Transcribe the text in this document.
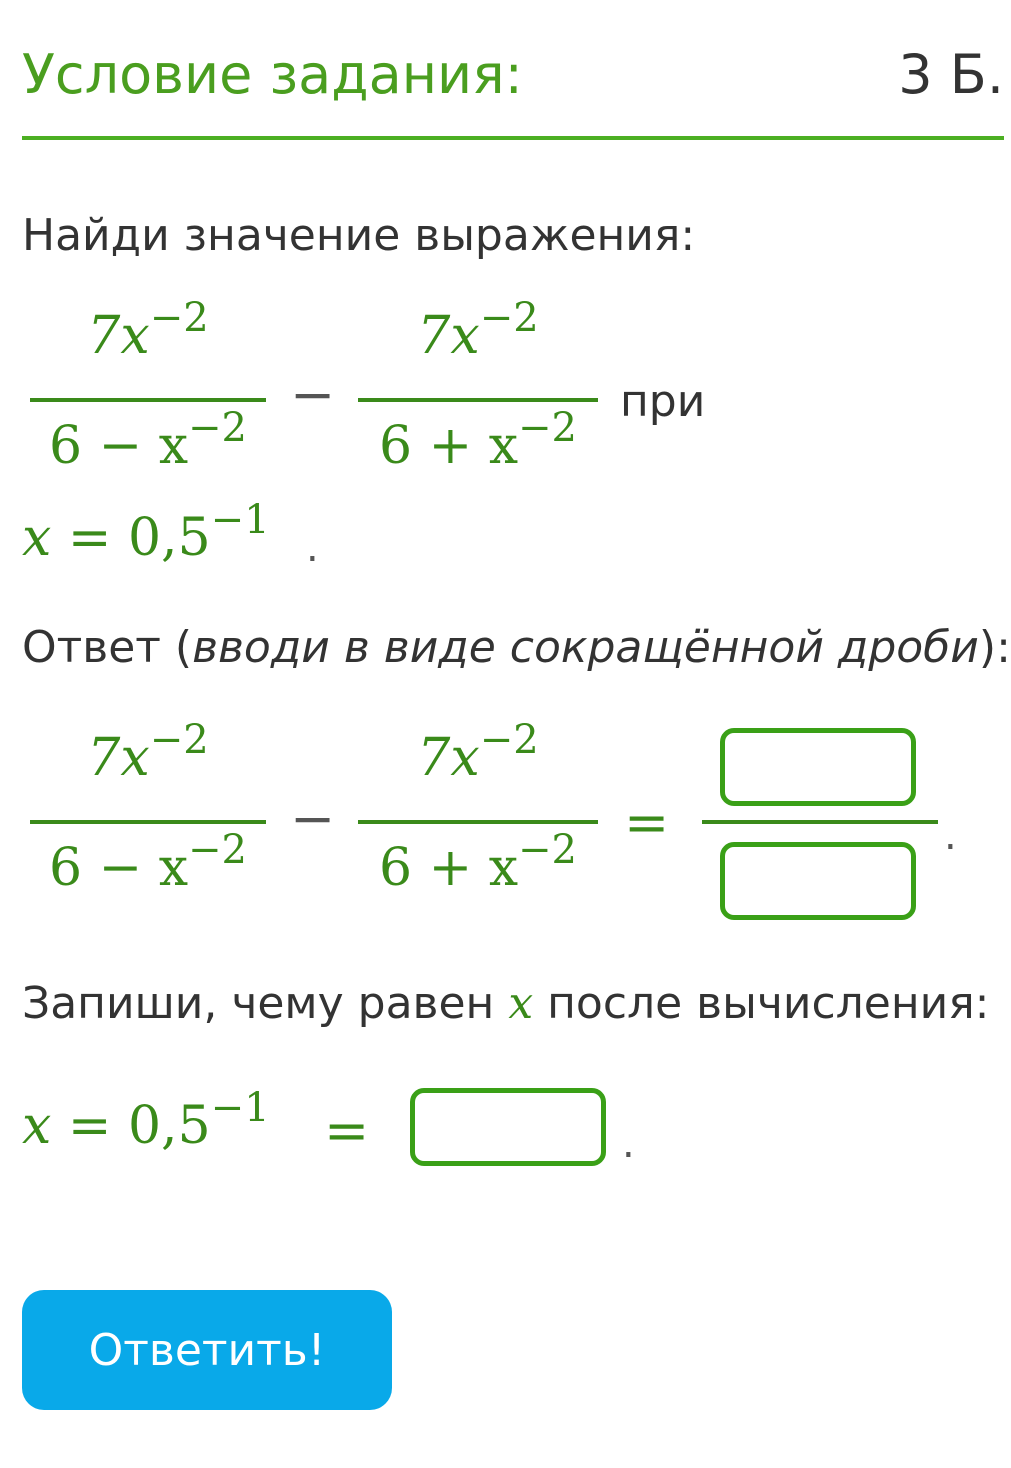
Условие задания:	3 Б.
Найди значение выражения:
$7x^{-2}$
$6 - x^{-2}$
−
$7x^{-2}$
$6 + x^{-2}$
при
$x = 0,5^{-1}$
.
Ответ (вводи в виде сокращённой дроби):
$7x^{-2}$
$6 - x^{-2}$ −
$7x^{-2}$
$6 + x^{-2}$ =	.
Запиши, чему равен x после вычисления:
$x = 0,5^{-1}$ =	.
Ответить!
